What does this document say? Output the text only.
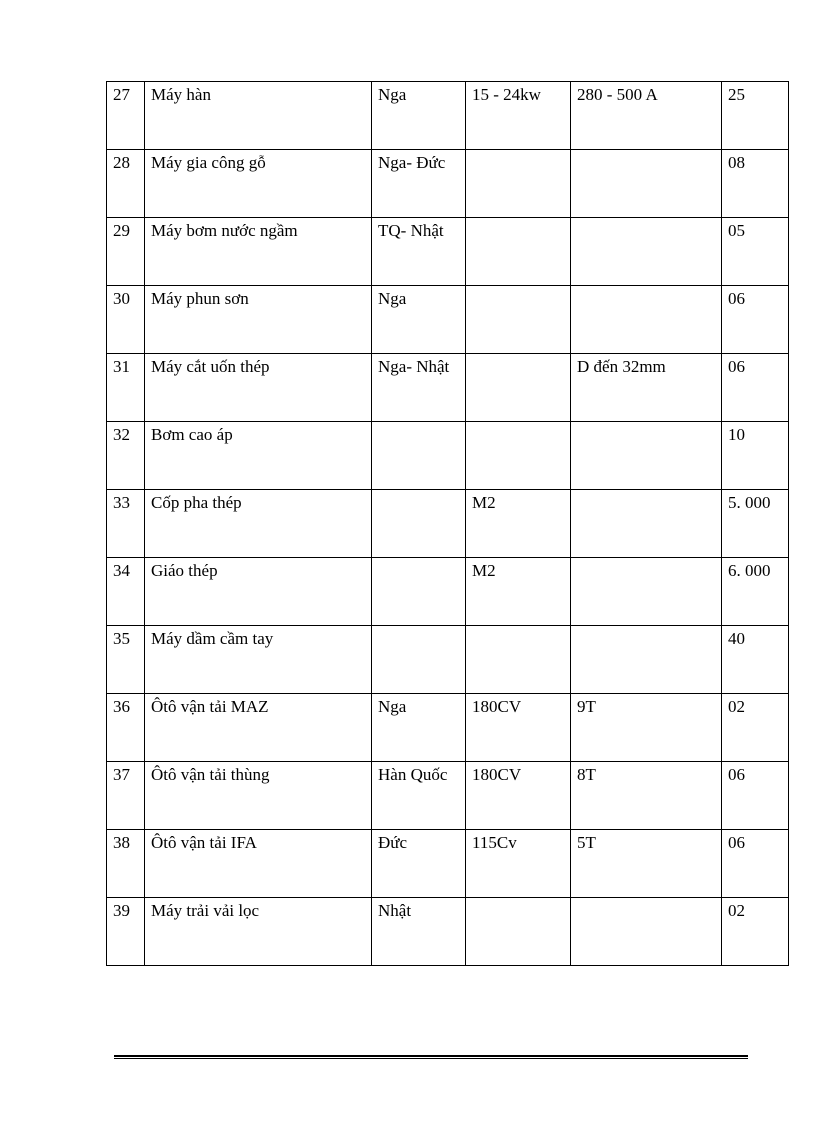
27	Máy hàn	Nga	15 - 24kw	280 - 500 A	25
28	Máy gia công gỗ	Nga- Đức			08
29	Máy bơm nước ngầm	TQ- Nhật			05
30	Máy phun sơn	Nga			06
31	Máy cắt uốn thép	Nga- Nhật		D đến 32mm	06
32	Bơm cao áp				10
33	Cốp pha thép		M2		5. 000
34	Giáo thép		M2		6. 000
35	Máy dầm cầm tay				40
36	Ôtô vận tải MAZ	Nga	180CV	9T	02
37	Ôtô vận tải thùng	Hàn Quốc	180CV	8T	06
38	Ôtô vận tải IFA	Đức	115Cv	5T	06
39	Máy trải vải lọc	Nhật			02
